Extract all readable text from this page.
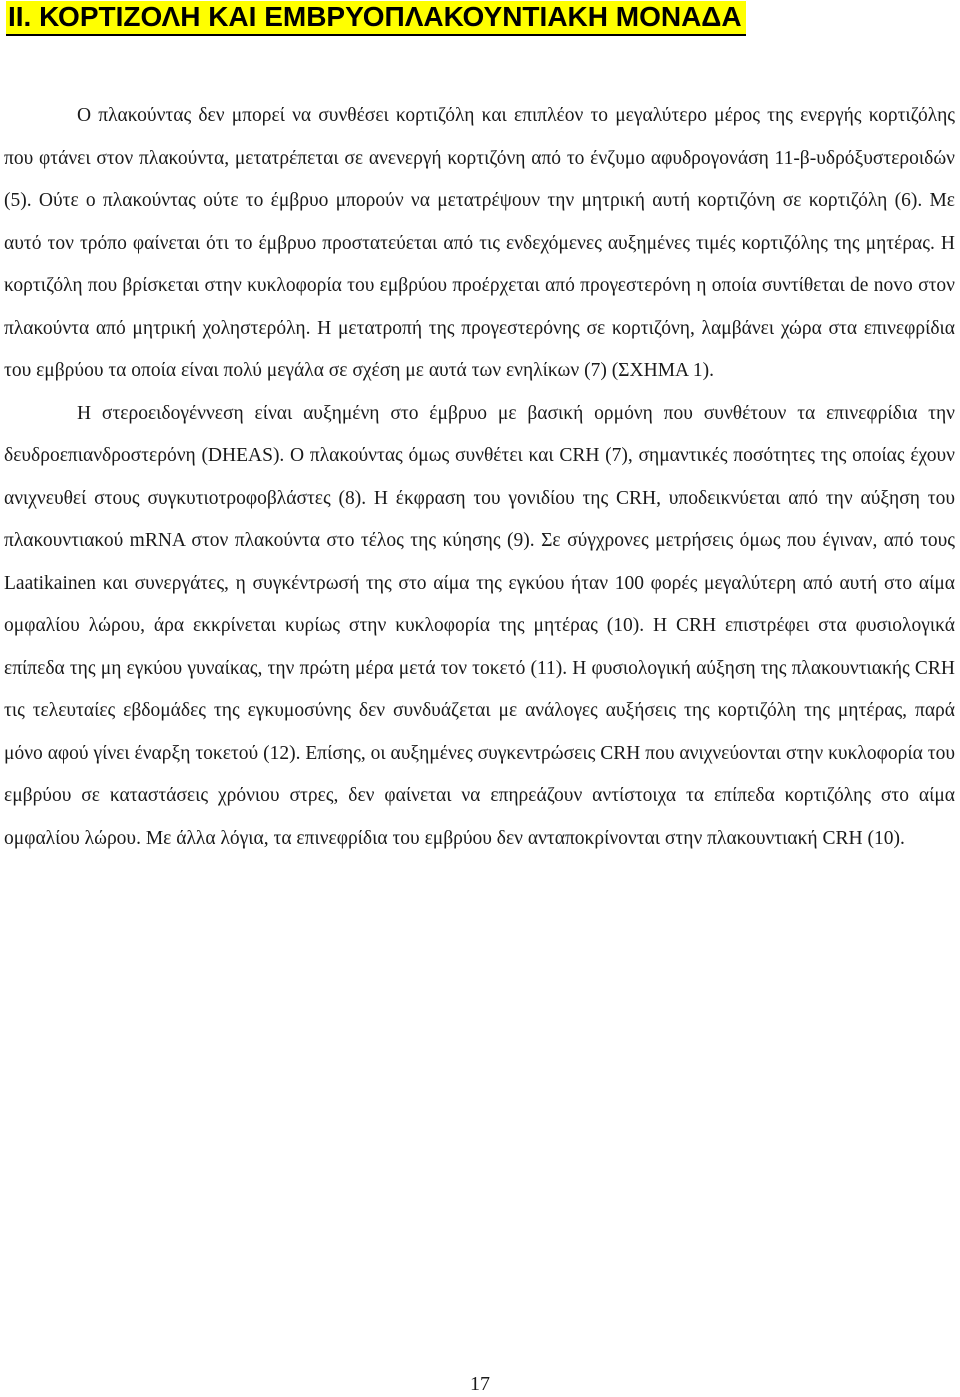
II. ΚΟΡΤΙΖΟΛΗ ΚΑΙ ΕΜΒΡΥΟΠΛΑΚΟΥΝΤΙΑΚΗ ΜΟΝΑΔΑ

Ο πλακούντας δεν μπορεί να συνθέσει κορτιζόλη και επιπλέον το μεγαλύτερο μέρος της ενεργής κορτιζόλης που φτάνει στον πλακούντα, μετατρέπεται σε ανενεργή κορτιζόνη από το ένζυμο αφυδρογονάση 11-β-υδρόξυστεροιδών (5). Ούτε ο πλακούντας ούτε το έμβρυο μπορούν να μετατρέψουν την μητρική αυτή κορτιζόνη σε κορτιζόλη (6). Με αυτό τον τρόπο φαίνεται ότι το έμβρυο προστατεύεται από τις ενδεχόμενες αυξημένες τιμές κορτιζόλης της μητέρας. Η κορτιζόλη που βρίσκεται στην κυκλοφορία του εμβρύου προέρχεται από προγεστερόνη η οποία συντίθεται de novo στον πλακούντα από μητρική χοληστερόλη. Η μετατροπή της προγεστερόνης σε κορτιζόνη, λαμβάνει χώρα στα επινεφρίδια του εμβρύου τα οποία είναι πολύ μεγάλα σε σχέση με αυτά των ενηλίκων (7) (ΣΧΗΜΑ 1).

Η στεροειδογέννεση είναι αυξημένη στο έμβρυο με βασική ορμόνη που συνθέτουν τα επινεφρίδια την δευδροεπιανδροστερόνη (DHEAS). Ο πλακούντας όμως συνθέτει και CRH (7), σημαντικές ποσότητες της οποίας έχουν ανιχνευθεί στους συγκυτιοτροφοβλάστες (8). Η έκφραση του γονιδίου της CRH, υποδεικνύεται από την αύξηση του πλακουντιακού mRNA στον πλακούντα στο τέλος της κύησης (9). Σε σύγχρονες μετρήσεις όμως που έγιναν, από τους Laatikainen και συνεργάτες, η συγκέντρωσή της στο αίμα της εγκύου ήταν 100 φορές μεγαλύτερη από αυτή στο αίμα ομφαλίου λώρου, άρα εκκρίνεται κυρίως στην κυκλοφορία της μητέρας (10). Η CRH επιστρέφει στα φυσιολογικά επίπεδα της μη εγκύου γυναίκας, την πρώτη μέρα μετά τον τοκετό (11). Η φυσιολογική αύξηση της πλακουντιακής CRH τις τελευταίες εβδομάδες της εγκυμοσύνης δεν συνδυάζεται με ανάλογες αυξήσεις της κορτιζόλη της μητέρας, παρά μόνο αφού γίνει έναρξη τοκετού (12). Επίσης, οι αυξημένες συγκεντρώσεις CRH που ανιχνεύονται στην κυκλοφορία του εμβρύου σε καταστάσεις χρόνιου στρες, δεν φαίνεται να επηρεάζουν αντίστοιχα τα επίπεδα κορτιζόλης στο αίμα ομφαλίου λώρου. Με άλλα λόγια, τα επινεφρίδια του εμβρύου δεν ανταποκρίνονται στην πλακουντιακή CRH (10).

17
